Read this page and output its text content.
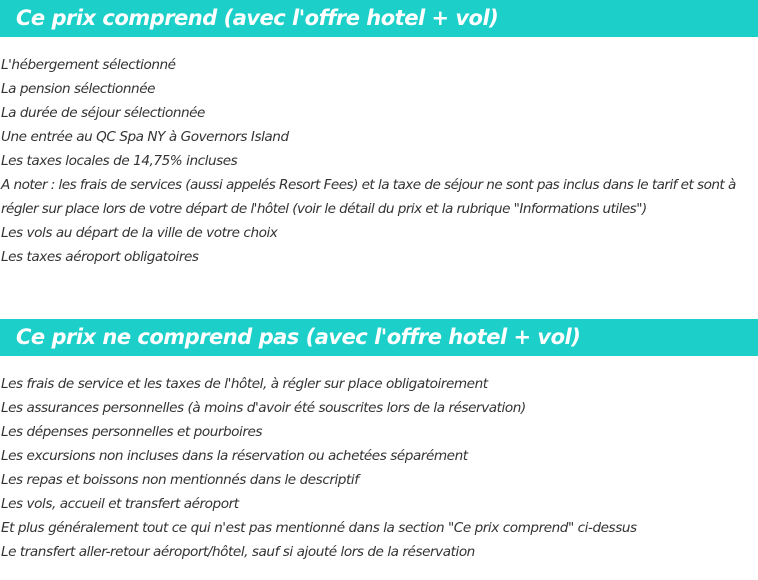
Ce prix comprend (avec l'offre hotel + vol)
L'hébergement sélectionné
La pension sélectionnée
La durée de séjour sélectionnée
Une entrée au QC Spa NY à Governors Island
Les taxes locales de 14,75% incluses
A noter : les frais de services (aussi appelés Resort Fees) et la taxe de séjour ne sont pas inclus dans le tarif et sont à régler sur place lors de votre départ de l'hôtel (voir le détail du prix et la rubrique "Informations utiles")
Les vols au départ de la ville de votre choix
Les taxes aéroport obligatoires
Ce prix ne comprend pas (avec l'offre hotel + vol)
Les frais de service et les taxes de l'hôtel, à régler sur place obligatoirement
Les assurances personnelles (à moins d'avoir été souscrites lors de la réservation)
Les dépenses personnelles et pourboires
Les excursions non incluses dans la réservation ou achetées séparément
Les repas et boissons non mentionnés dans le descriptif
Les vols, accueil et transfert aéroport
Et plus généralement tout ce qui n'est pas mentionné dans la section "Ce prix comprend" ci-dessus
Le transfert aller-retour aéroport/hôtel, sauf si ajouté lors de la réservation
